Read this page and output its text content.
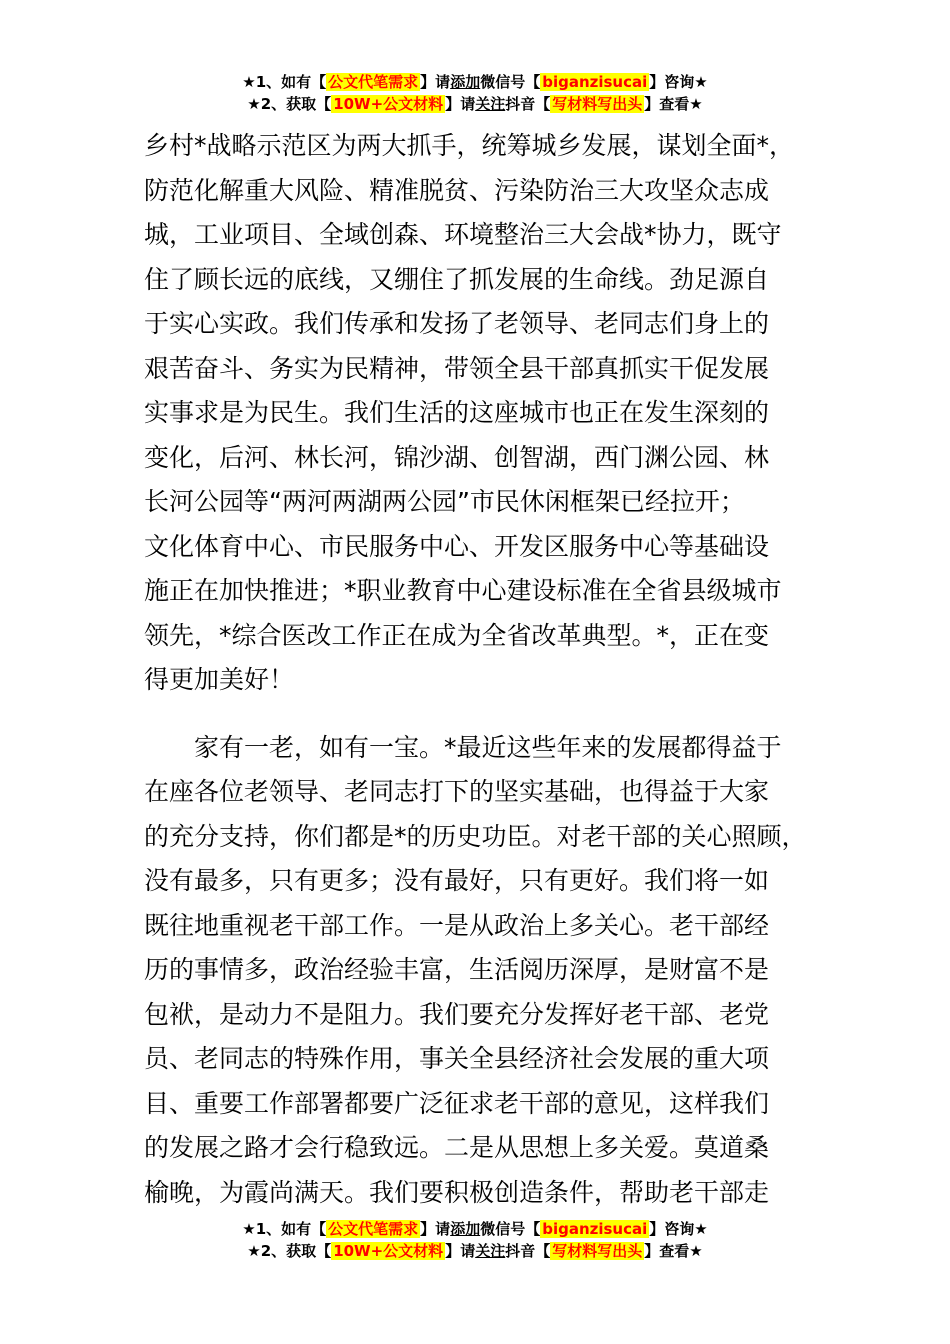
★1、如有【 公文代笔需求 】请添加微信号【 biganzisucai 】咨询★
★2、获取【 10W+公文材料 】请关注抖音【 写材料写出头 】查看★
乡村*战略示范区为两大抓手，统筹城乡发展，谋划全面*，
防范化解重大风险、精准脱贫、污染防治三大攻坚众志成
城，工业项目、全域创森、环境整治三大会战*协力，既守
住了顾长远的底线，又绷住了抓发展的生命线。劲足源自
于实心实政。我们传承和发扬了老领导、老同志们身上的
艰苦奋斗、务实为民精神，带领全县干部真抓实干促发展
实事求是为民生。我们生活的这座城市也正在发生深刻的
变化，后河、林长河，锦沙湖、创智湖，西门渊公园、林
长河公园等“两河两湖两公园”市民休闲框架已经拉开；
文化体育中心、市民服务中心、开发区服务中心等基础设
施正在加快推进；*职业教育中心建设标准在全省县级城市
领先，*综合医改工作正在成为全省改革典型。*，正在变
得更加美好！
　　家有一老，如有一宝。*最近这些年来的发展都得益于
在座各位老领导、老同志打下的坚实基础，也得益于大家
的充分支持，你们都是*的历史功臣。对老干部的关心照顾，
没有最多，只有更多；没有最好，只有更好。我们将一如
既往地重视老干部工作。一是从政治上多关心。老干部经
历的事情多，政治经验丰富，生活阅历深厚，是财富不是
包袱，是动力不是阻力。我们要充分发挥好老干部、老党
员、老同志的特殊作用，事关全县经济社会发展的重大项
目、重要工作部署都要广泛征求老干部的意见，这样我们
的发展之路才会行稳致远。二是从思想上多关爱。莫道桑
榆晚，为霞尚满天。我们要积极创造条件，帮助老干部走
★1、如有【 公文代笔需求 】请添加微信号【 biganzisucai 】咨询★
★2、获取【 10W+公文材料 】请关注抖音【 写材料写出头 】查看★
